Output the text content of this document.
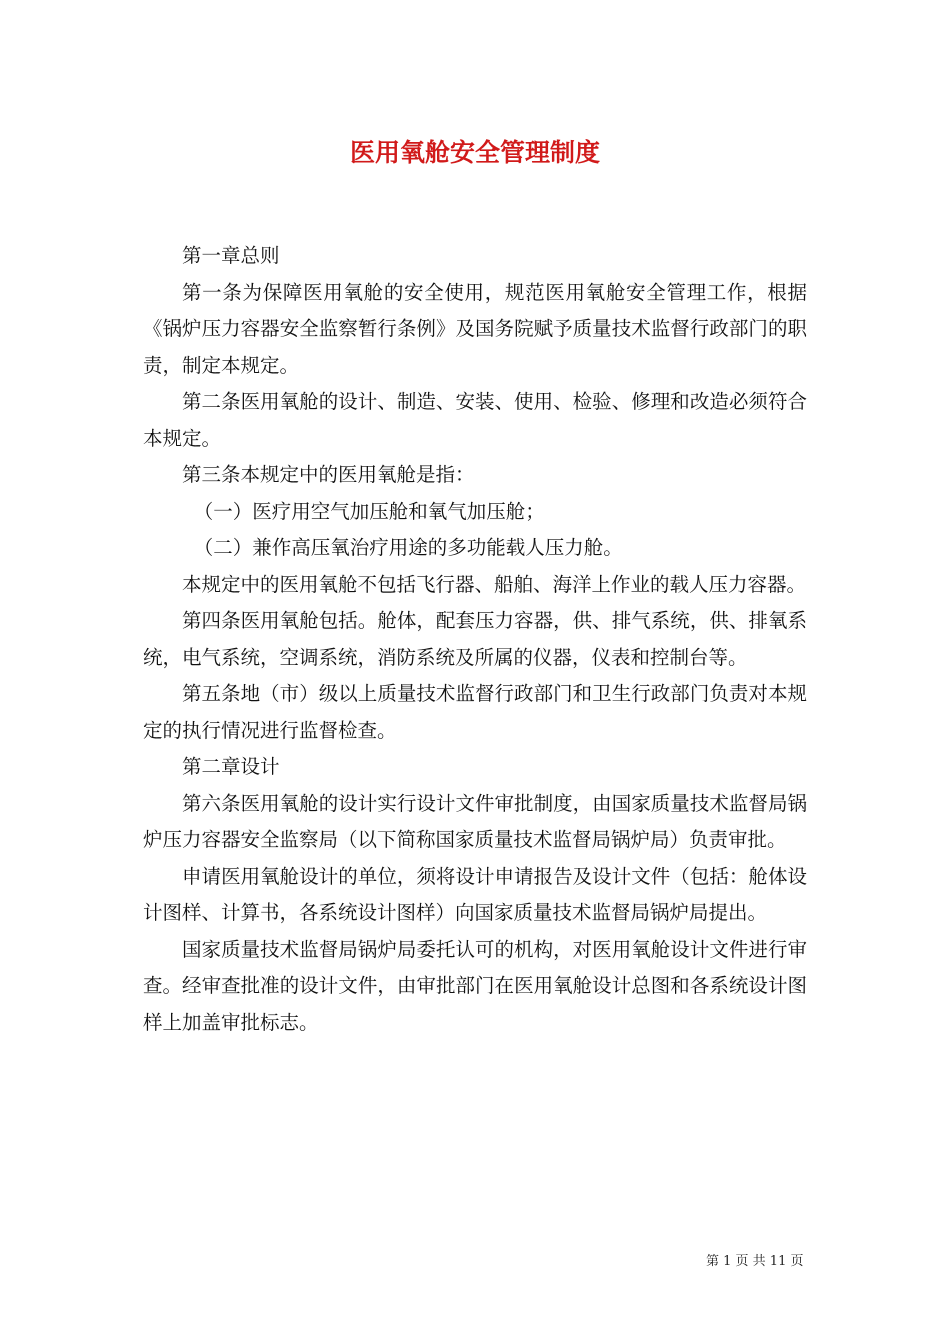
医用氧舱安全管理制度

第一章总则

第一条为保障医用氧舱的安全使用，规范医用氧舱安全管理工作，根据《锅炉压力容器安全监察暂行条例》及国务院赋予质量技术监督行政部门的职责，制定本规定。

第二条医用氧舱的设计、制造、安装、使用、检验、修理和改造必须符合本规定。

第三条本规定中的医用氧舱是指：

（一）医疗用空气加压舱和氧气加压舱；

（二）兼作高压氧治疗用途的多功能载人压力舱。

本规定中的医用氧舱不包括飞行器、船舶、海洋上作业的载人压力容器。

第四条医用氧舱包括。舱体，配套压力容器，供、排气系统，供、排氧系统，电气系统，空调系统，消防系统及所属的仪器，仪表和控制台等。

第五条地（市）级以上质量技术监督行政部门和卫生行政部门负责对本规定的执行情况进行监督检查。

第二章设计

第六条医用氧舱的设计实行设计文件审批制度，由国家质量技术监督局锅炉压力容器安全监察局（以下简称国家质量技术监督局锅炉局）负责审批。

申请医用氧舱设计的单位，须将设计申请报告及设计文件（包括：舱体设计图样、计算书，各系统设计图样）向国家质量技术监督局锅炉局提出。

国家质量技术监督局锅炉局委托认可的机构，对医用氧舱设计文件进行审查。经审查批准的设计文件，由审批部门在医用氧舱设计总图和各系统设计图样上加盖审批标志。

第 1 页 共 11 页
